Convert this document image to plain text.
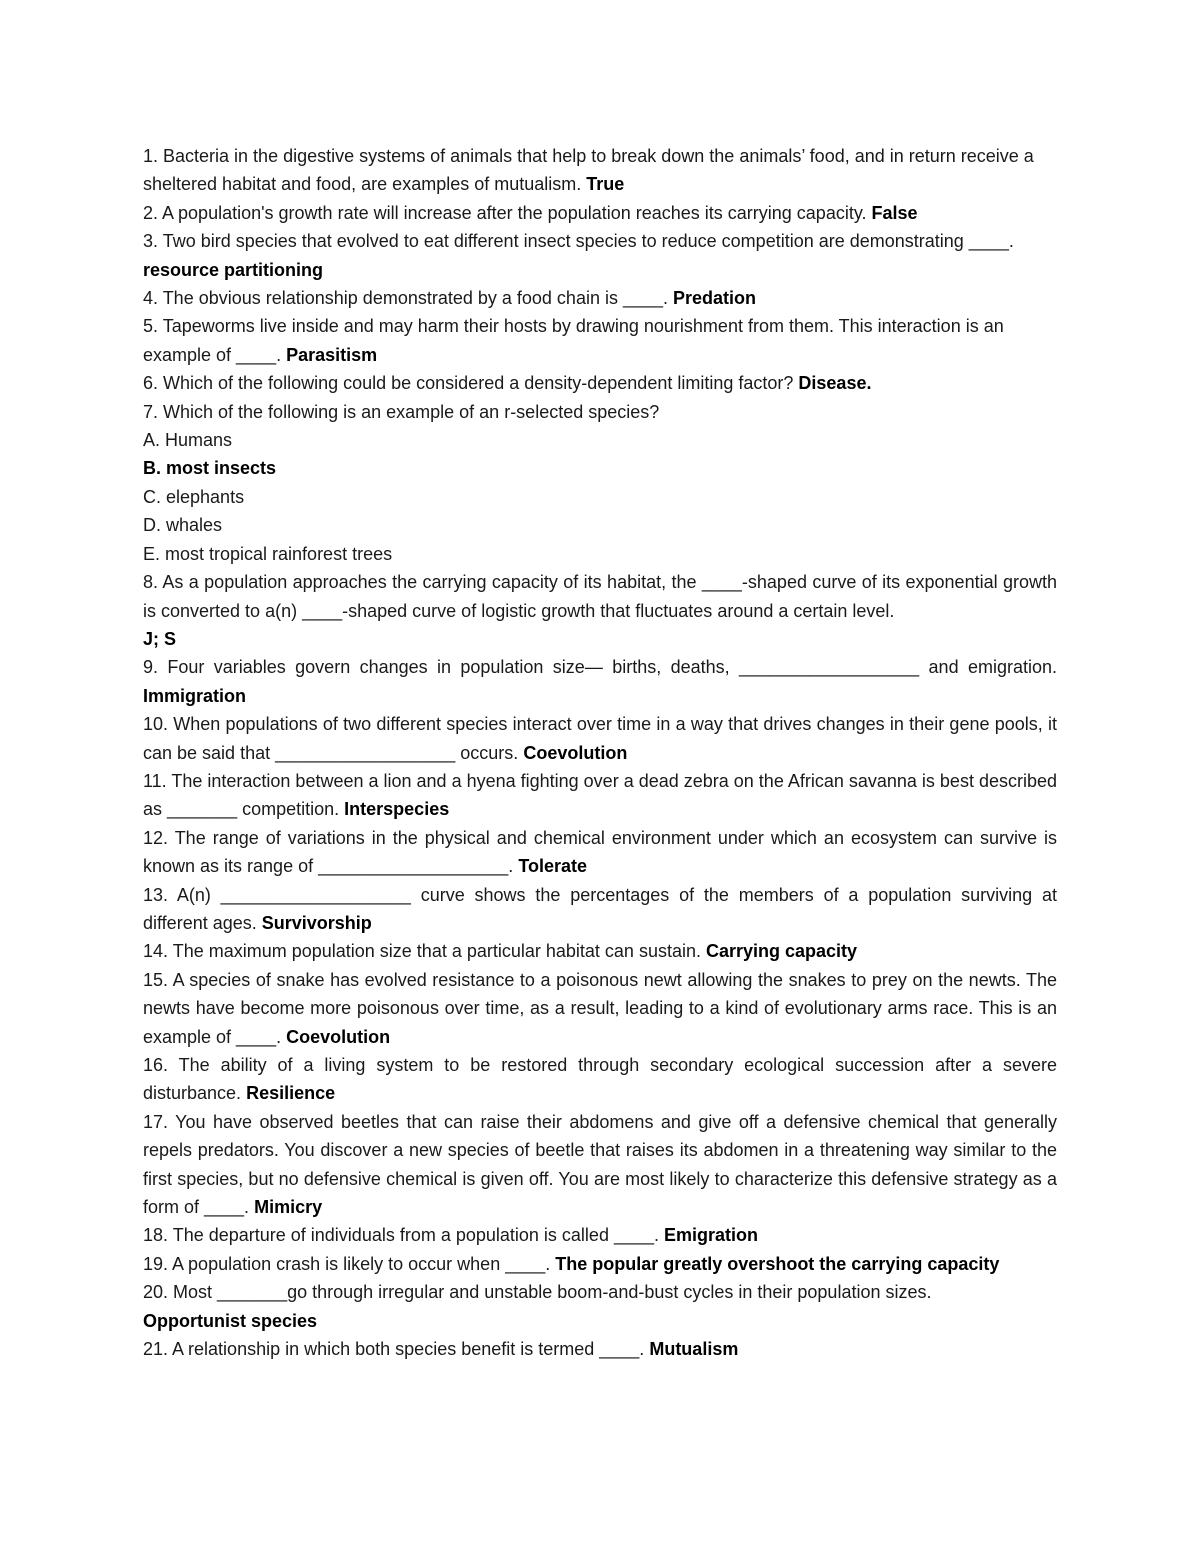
1. Bacteria in the digestive systems of animals that help to break down the animals’ food, and in return receive a sheltered habitat and food, are examples of mutualism. True

2. A population's growth rate will increase after the population reaches its carrying capacity. False

3. Two bird species that evolved to eat different insect species to reduce competition are demonstrating ____. resource partitioning

4. The obvious relationship demonstrated by a food chain is ____. Predation

5. Tapeworms live inside and may harm their hosts by drawing nourishment from them. This interaction is an example of ____. Parasitism

6. Which of the following could be considered a density-dependent limiting factor? Disease.

7. Which of the following is an example of an r-selected species?

A. Humans

B. most insects

C. elephants

D. whales

E. most tropical rainforest trees

8. As a population approaches the carrying capacity of its habitat, the ____-shaped curve of its exponential growth is converted to a(n) ____-shaped curve of logistic growth that fluctuates around a certain level.

J; S

9. Four variables govern changes in population size— births, deaths, __________________ and emigration. Immigration

10. When populations of two different species interact over time in a way that drives changes in their gene pools, it can be said that __________________ occurs. Coevolution

11. The interaction between a lion and a hyena fighting over a dead zebra on the African savanna is best described as _______ competition. Interspecies

12. The range of variations in the physical and chemical environment under which an ecosystem can survive is known as its range of ___________________. Tolerate

13. A(n) ___________________ curve shows the percentages of the members of a population surviving at different ages. Survivorship

14. The maximum population size that a particular habitat can sustain. Carrying capacity

15. A species of snake has evolved resistance to a poisonous newt allowing the snakes to prey on the newts. The newts have become more poisonous over time, as a result, leading to a kind of evolutionary arms race. This is an example of ____. Coevolution

16. The ability of a living system to be restored through secondary ecological succession after a severe disturbance. Resilience

17. You have observed beetles that can raise their abdomens and give off a defensive chemical that generally repels predators. You discover a new species of beetle that raises its abdomen in a threatening way similar to the first species, but no defensive chemical is given off. You are most likely to characterize this defensive strategy as a form of ____. Mimicry

18. The departure of individuals from a population is called ____. Emigration

19. A population crash is likely to occur when ____. The popular greatly overshoot the carrying capacity

20. Most _______go through irregular and unstable boom-and-bust cycles in their population sizes.

Opportunist species

21. A relationship in which both species benefit is termed ____. Mutualism
